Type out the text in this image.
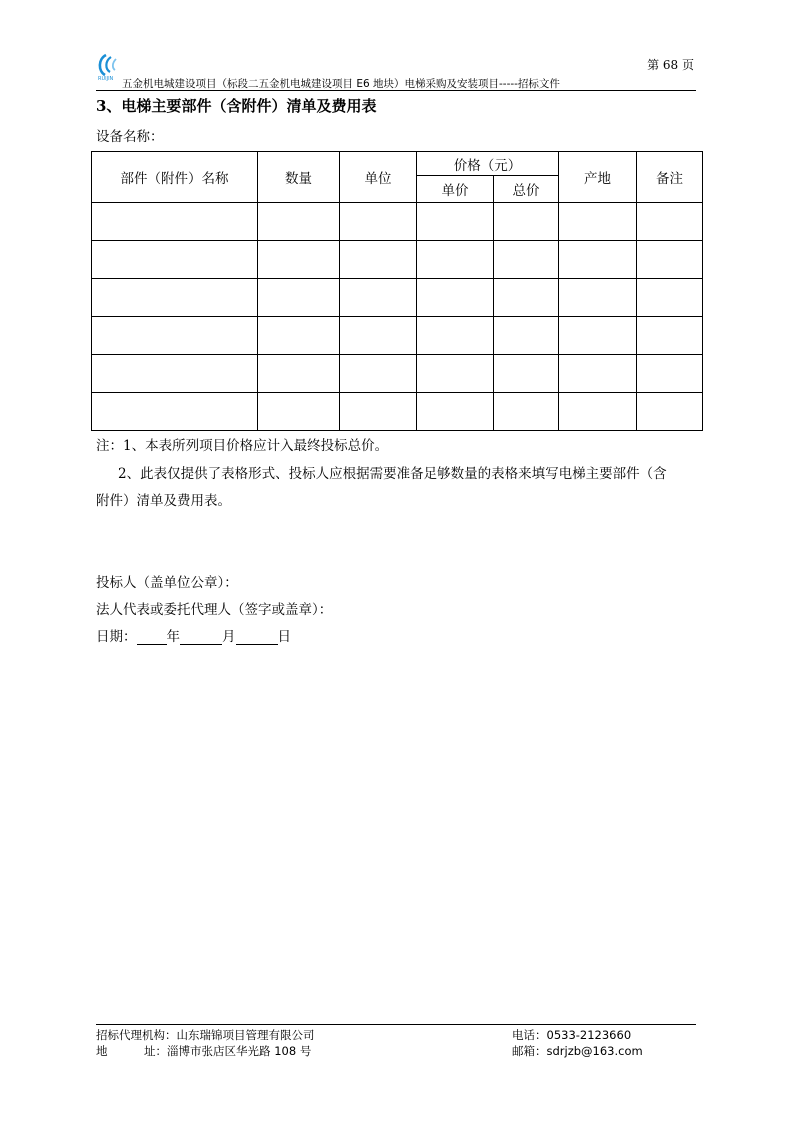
RUIJIN
第 68 页
五金机电城建设项目（标段二五金机电城建设项目 E6 地块）电梯采购及安装项目-----招标文件
3、电梯主要部件（含附件）清单及费用表
设备名称：
部件（附件）名称	数量	单位	价格（元）		产地	备注
			单价	总价		

注：1、本表所列项目价格应计入最终投标总价。
2、此表仅提供了表格形式、投标人应根据需要准备足够数量的表格来填写电梯主要部件（含
附件）清单及费用表。
投标人（盖单位公章）：
法人代表或委托代理人（签字或盖章）：
日期： 年	月	日
招标代理机构：山东瑞锦项目管理有限公司
地          址：淄博市张店区华光路 108 号
电话：0533-2123660
邮箱：sdrjzb@163.com
